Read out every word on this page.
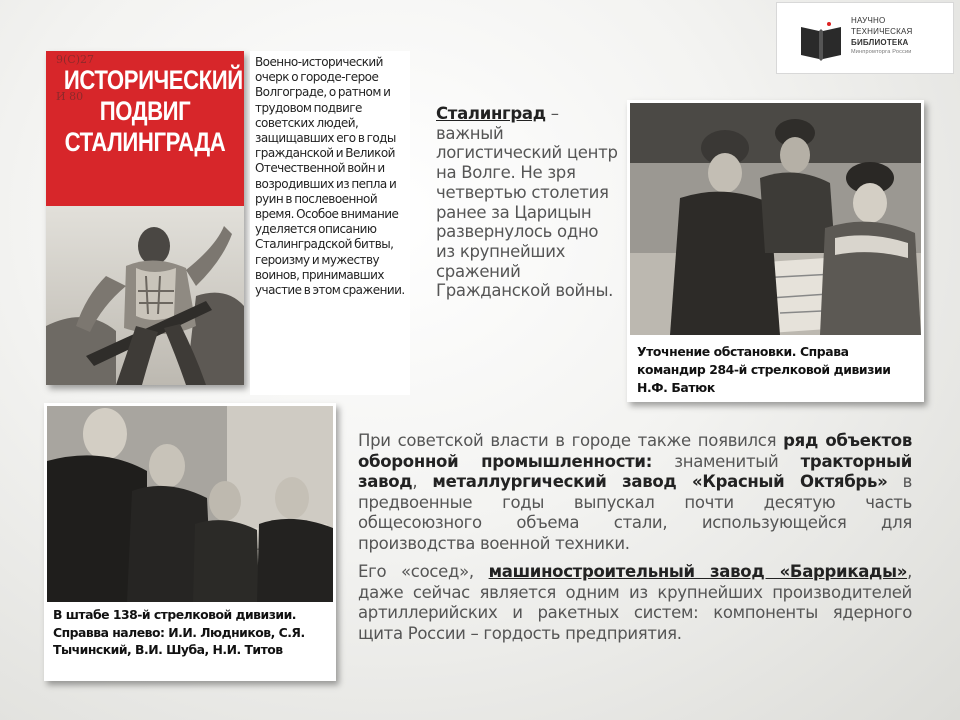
НАУЧНО
ТЕХНИЧЕСКАЯ
БИБЛИОТЕКА
Минпромторга России
9(С)27
И 80
ИСТОРИЧЕСКИЙ
ПОДВИГ
СТАЛИНГРАДА
Военно-исторический очерк о городе-герое Волгограде, о ратном и трудовом подвиге советских людей, защищавших его в годы гражданской и Великой Отечественной войн и возродивших из пепла и руин в послевоенной время. Особое внимание уделяется описанию Сталинградской битвы, героизму и мужеству воинов, принимавших участие в этом сражении.
Сталинград – важный логистический центр на Волге. Не зря четвертью столетия ранее за Царицын развернулось одно из крупнейших сражений Гражданской войны.
Уточнение обстановки. Справа командир 284-й стрелковой дивизии Н.Ф. Батюк
В штабе 138-й стрелковой дивизии. Справва налево: И.И. Людников, С.Я. Тычинский, В.И. Шуба, Н.И. Титов

При советской власти в городе также появился ряд объектов оборонной промышленности: знаменитый тракторный завод, металлургический завод «Красный Октябрь» в предвоенные годы выпускал почти десятую часть общесоюзного объема стали, использующейся для производства военной техники.

Его «сосед», машиностроительный завод «Баррикады», даже сейчас является одним из крупнейших производителей артиллерийских и ракетных систем: компоненты ядерного щита России – гордость предприятия.
